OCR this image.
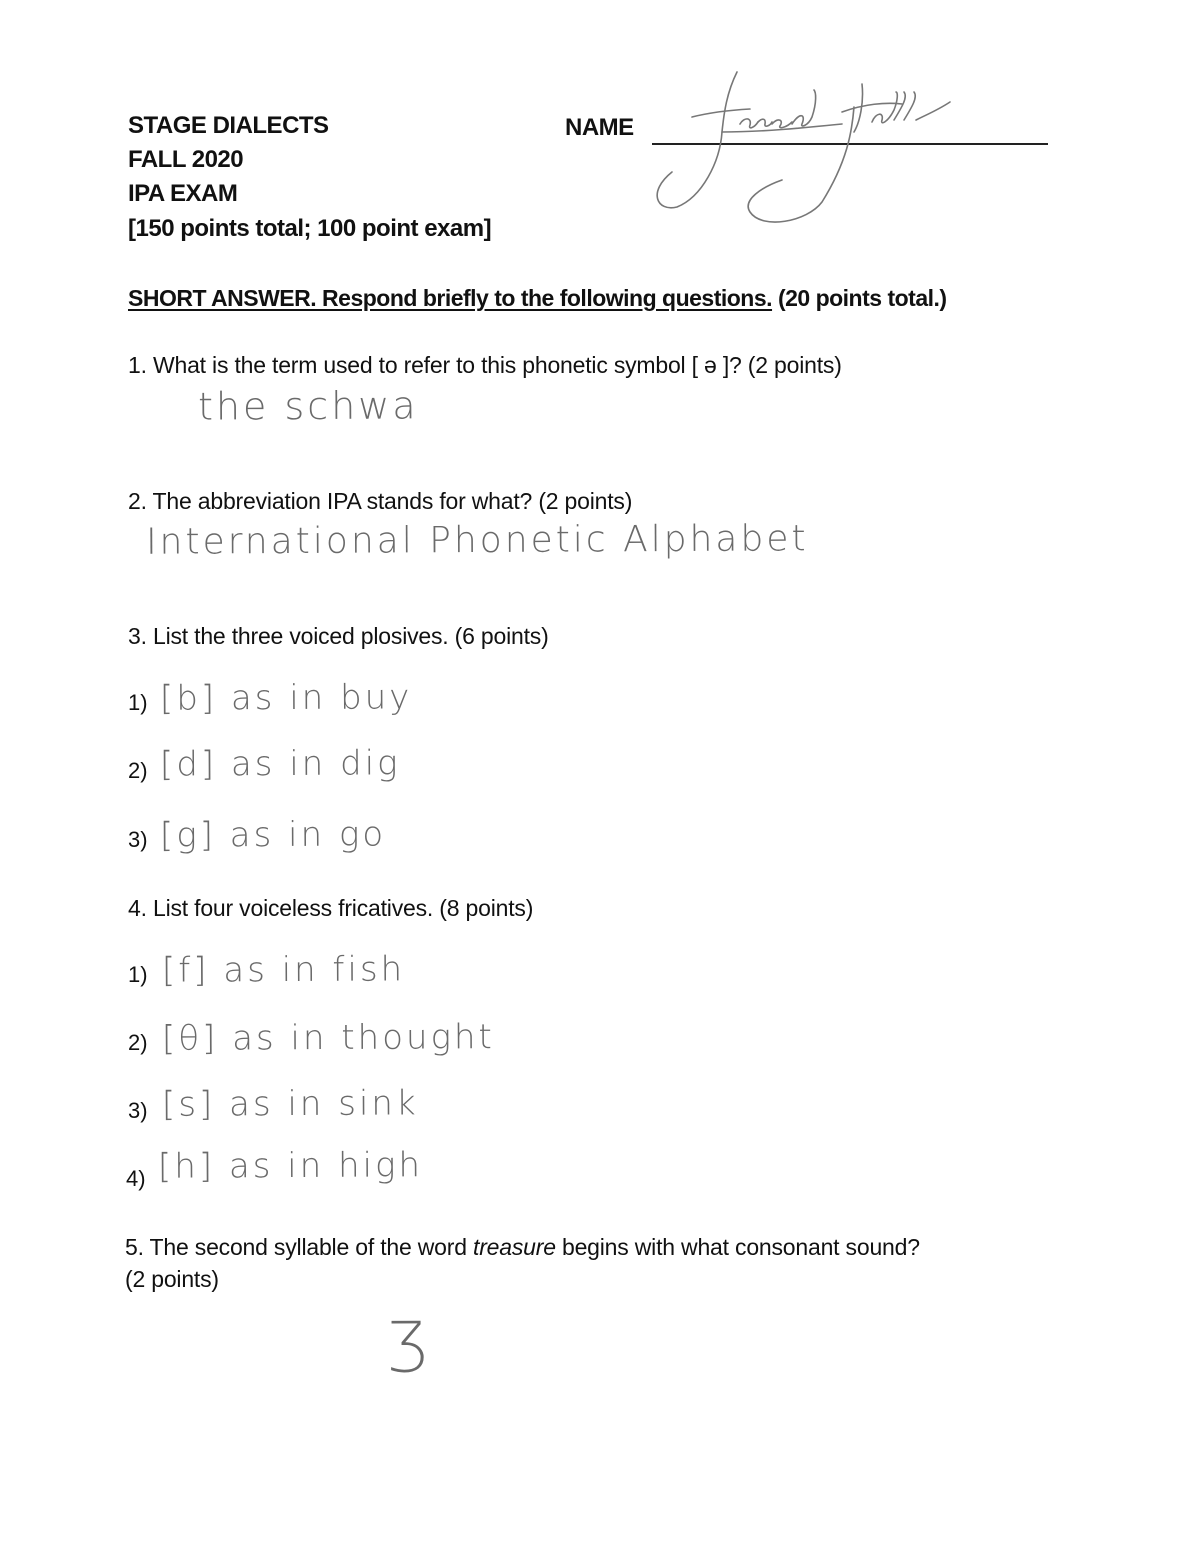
STAGE DIALECTS
FALL 2020
IPA EXAM
[150 points total; 100 point exam]
NAME
SHORT ANSWER. Respond briefly to the following questions. (20 points total.)
1. What is the term used to refer to this phonetic symbol [ ə ]? (2 points)
the schwa
2. The abbreviation IPA stands for what? (2 points)
International Phonetic Alphabet
3. List the three voiced plosives. (6 points)
1) [b] as in buy
2) [d] as in dig
3) [g] as in go
4. List four voiceless fricatives. (8 points)
1) [f] as in fish
2) [θ] as in thought
3) [s] as in sink
4) [h] as in high
5. The second syllable of the word treasure begins with what consonant sound?
(2 points)
ʒ
